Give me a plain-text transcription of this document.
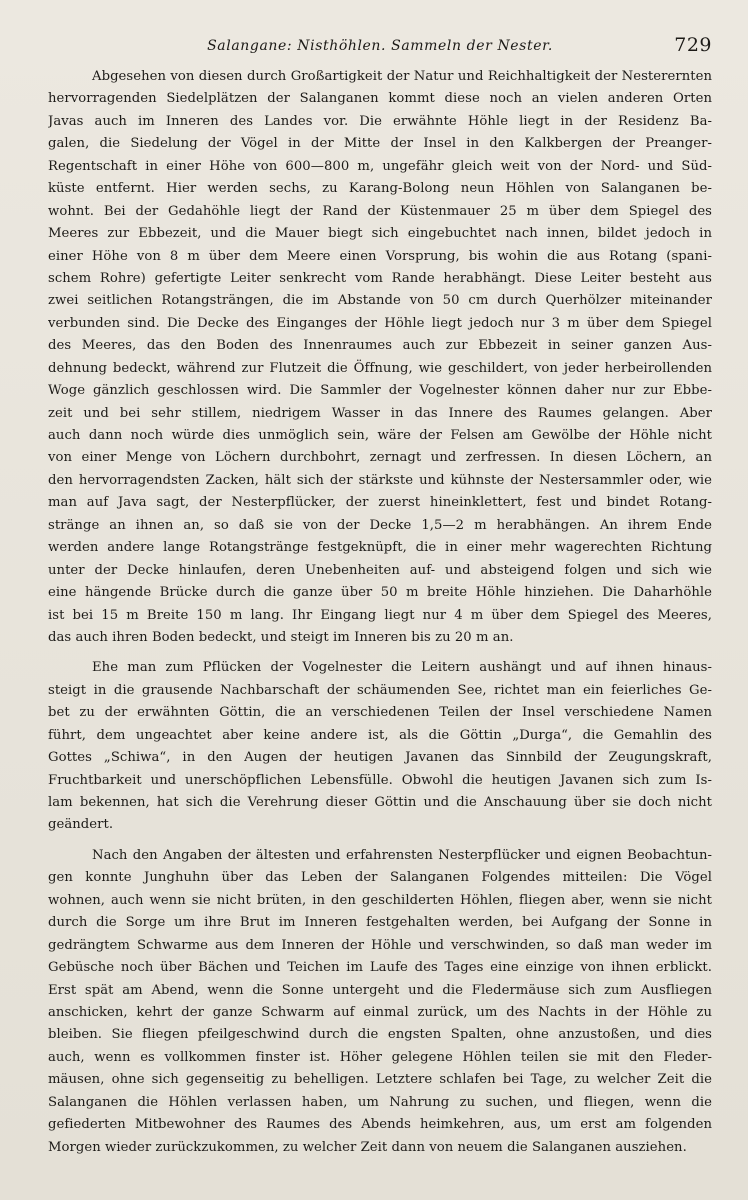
Salangane: Nisthöhlen. Sammeln der Nester.	729
Abgesehen von diesen durch Großartigkeit der Natur und Reichhaltigkeit der Nesterernten
hervorragenden Siedelplätzen der Salanganen kommt diese noch an vielen anderen Orten
Javas auch im Inneren des Landes vor. Die erwähnte Höhle liegt in der Residenz Ba-
galen, die Siedelung der Vögel in der Mitte der Insel in den Kalkbergen der Preanger-
Regentschaft in einer Höhe von 600—800 m, ungefähr gleich weit von der Nord- und Süd-
küste entfernt. Hier werden sechs, zu Karang-Bolong neun Höhlen von Salanganen be-
wohnt. Bei der Gedahöhle liegt der Rand der Küstenmauer 25 m über dem Spiegel des
Meeres zur Ebbezeit, und die Mauer biegt sich eingebuchtet nach innen, bildet jedoch in
einer Höhe von 8 m über dem Meere einen Vorsprung, bis wohin die aus Rotang (spani-
schem Rohre) gefertigte Leiter senkrecht vom Rande herabhängt. Diese Leiter besteht aus
zwei seitlichen Rotangsträngen, die im Abstande von 50 cm durch Querhölzer miteinander
verbunden sind. Die Decke des Einganges der Höhle liegt jedoch nur 3 m über dem Spiegel
des Meeres, das den Boden des Innenraumes auch zur Ebbezeit in seiner ganzen Aus-
dehnung bedeckt, während zur Flutzeit die Öffnung, wie geschildert, von jeder herbeirollenden
Woge gänzlich geschlossen wird. Die Sammler der Vogelnester können daher nur zur Ebbe-
zeit und bei sehr stillem, niedrigem Wasser in das Innere des Raumes gelangen. Aber
auch dann noch würde dies unmöglich sein, wäre der Felsen am Gewölbe der Höhle nicht
von einer Menge von Löchern durchbohrt, zernagt und zerfressen. In diesen Löchern, an
den hervorragendsten Zacken, hält sich der stärkste und kühnste der Nestersammler oder, wie
man auf Java sagt, der Nesterpflücker, der zuerst hineinklettert, fest und bindet Rotang-
stränge an ihnen an, so daß sie von der Decke 1,5—2 m herabhängen. An ihrem Ende
werden andere lange Rotangstränge festgeknüpft, die in einer mehr wagerechten Richtung
unter der Decke hinlaufen, deren Unebenheiten auf- und absteigend folgen und sich wie
eine hängende Brücke durch die ganze über 50 m breite Höhle hinziehen. Die Daharhöhle
ist bei 15 m Breite 150 m lang. Ihr Eingang liegt nur 4 m über dem Spiegel des Meeres,
das auch ihren Boden bedeckt, und steigt im Inneren bis zu 20 m an.
Ehe man zum Pflücken der Vogelnester die Leitern aushängt und auf ihnen hinaus-
steigt in die grausende Nachbarschaft der schäumenden See, richtet man ein feierliches Ge-
bet zu der erwähnten Göttin, die an verschiedenen Teilen der Insel verschiedene Namen
führt, dem ungeachtet aber keine andere ist, als die Göttin „Durga“, die Gemahlin des
Gottes „Schiwa“, in den Augen der heutigen Javanen das Sinnbild der Zeugungskraft,
Fruchtbarkeit und unerschöpflichen Lebensfülle. Obwohl die heutigen Javanen sich zum Is-
lam bekennen, hat sich die Verehrung dieser Göttin und die Anschauung über sie doch nicht
geändert.
Nach den Angaben der ältesten und erfahrensten Nesterpflücker und eignen Beobachtun-
gen konnte Junghuhn über das Leben der Salanganen Folgendes mitteilen: Die Vögel
wohnen, auch wenn sie nicht brüten, in den geschilderten Höhlen, fliegen aber, wenn sie nicht
durch die Sorge um ihre Brut im Inneren festgehalten werden, bei Aufgang der Sonne in
gedrängtem Schwarme aus dem Inneren der Höhle und verschwinden, so daß man weder im
Gebüsche noch über Bächen und Teichen im Laufe des Tages eine einzige von ihnen erblickt.
Erst spät am Abend, wenn die Sonne untergeht und die Fledermäuse sich zum Ausfliegen
anschicken, kehrt der ganze Schwarm auf einmal zurück, um des Nachts in der Höhle zu
bleiben. Sie fliegen pfeilgeschwind durch die engsten Spalten, ohne anzustoßen, und dies
auch, wenn es vollkommen finster ist. Höher gelegene Höhlen teilen sie mit den Fleder-
mäusen, ohne sich gegenseitig zu behelligen. Letztere schlafen bei Tage, zu welcher Zeit die
Salanganen die Höhlen verlassen haben, um Nahrung zu suchen, und fliegen, wenn die
gefiederten Mitbewohner des Raumes des Abends heimkehren, aus, um erst am folgenden
Morgen wieder zurückzukommen, zu welcher Zeit dann von neuem die Salanganen ausziehen.
